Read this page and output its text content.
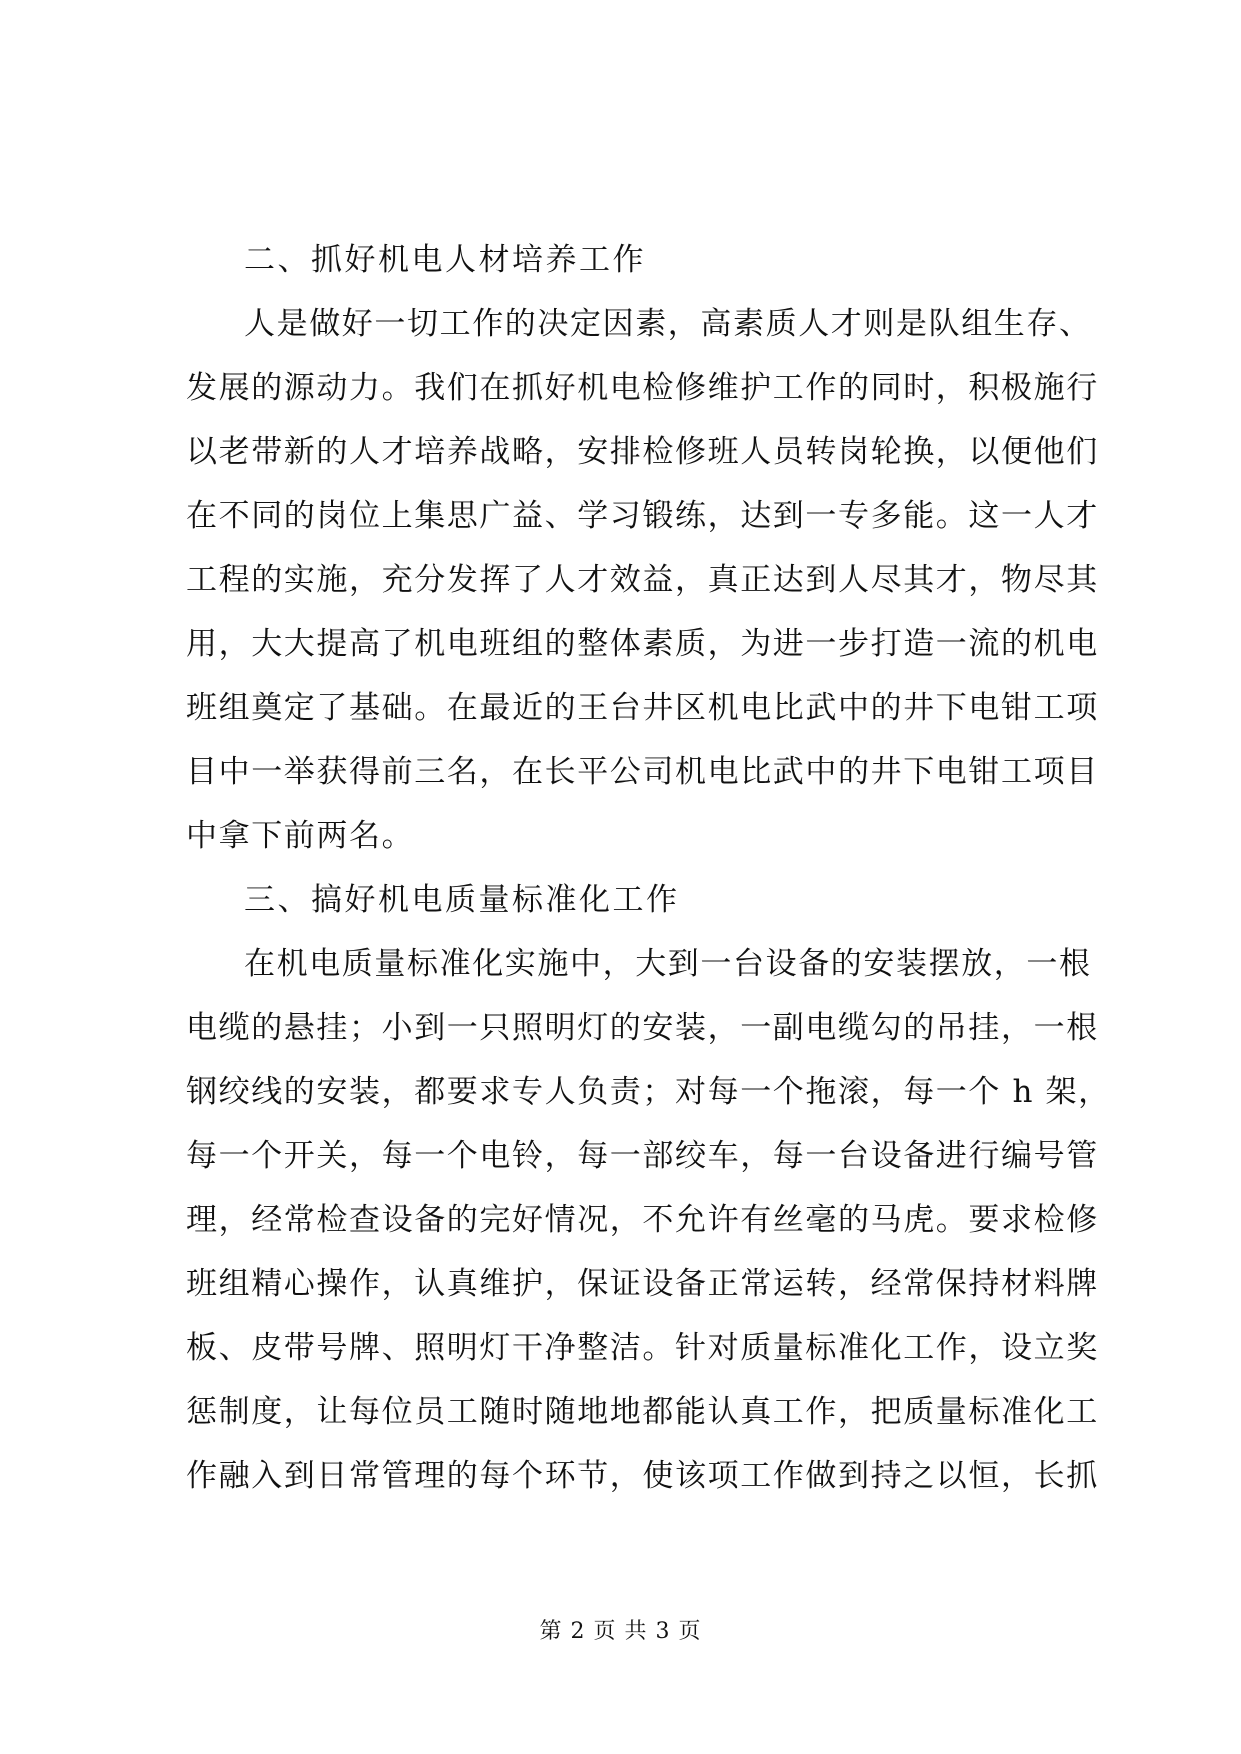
二、抓好机电人材培养工作
人是做好一切工作的决定因素，高素质人才则是队组生存、
发展的源动力。我们在抓好机电检修维护工作的同时，积极施行
以老带新的人才培养战略，安排检修班人员转岗轮换，以便他们
在不同的岗位上集思广益、学习锻练，达到一专多能。这一人才
工程的实施，充分发挥了人才效益，真正达到人尽其才，物尽其
用，大大提高了机电班组的整体素质，为进一步打造一流的机电
班组奠定了基础。在最近的王台井区机电比武中的井下电钳工项
目中一举获得前三名，在长平公司机电比武中的井下电钳工项目
中拿下前两名。
三、搞好机电质量标准化工作
在机电质量标准化实施中，大到一台设备的安装摆放，一根
电缆的悬挂；小到一只照明灯的安装，一副电缆勾的吊挂，一根
钢绞线的安装，都要求专人负责；对每一个拖滚，每一个 h 架，
每一个开关，每一个电铃，每一部绞车，每一台设备进行编号管
理，经常检查设备的完好情况，不允许有丝毫的马虎。要求检修
班组精心操作，认真维护，保证设备正常运转，经常保持材料牌
板、皮带号牌、照明灯干净整洁。针对质量标准化工作，设立奖
惩制度，让每位员工随时随地地都能认真工作，把质量标准化工
作融入到日常管理的每个环节，使该项工作做到持之以恒，长抓
第 2 页 共 3 页
